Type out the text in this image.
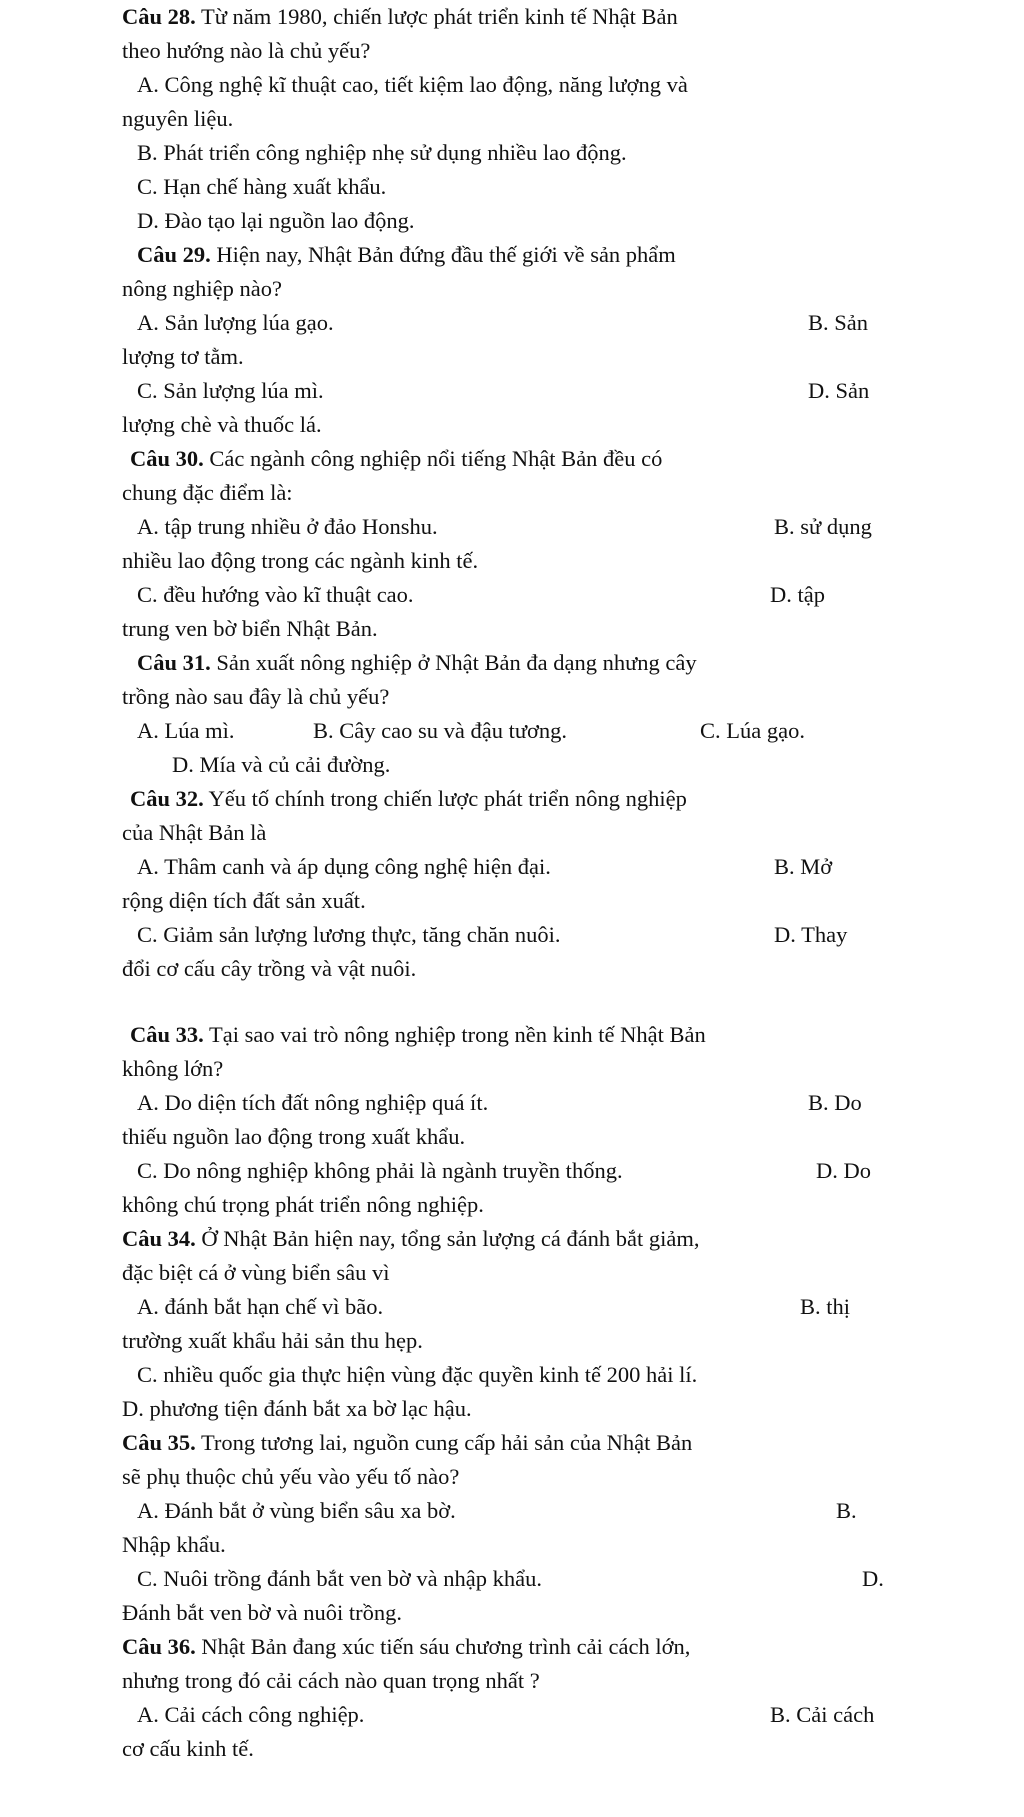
Câu 28. Từ năm 1980, chiến lược phát triển kinh tế Nhật Bản
theo hướng nào là chủ yếu?
A. Công nghệ kĩ thuật cao, tiết kiệm lao động, năng lượng và
nguyên liệu.
B. Phát triển công nghiệp nhẹ sử dụng nhiều lao động.
C. Hạn chế hàng xuất khẩu.
D. Đào tạo lại nguồn lao động.
Câu 29. Hiện nay, Nhật Bản đứng đầu thế giới về sản phẩm
nông nghiệp nào?
A. Sản lượng lúa gạo.	B. Sản
lượng tơ tằm.
C. Sản lượng lúa mì.	D. Sản
lượng chè và thuốc lá.
Câu 30. Các ngành công nghiệp nổi tiếng Nhật Bản đều có
chung đặc điểm là:
A. tập trung nhiều ở đảo Honshu.	B. sử dụng
nhiều lao động trong các ngành kinh tế.
C. đều hướng vào kĩ thuật cao.	D. tập
trung ven bờ biển Nhật Bản.
Câu 31. Sản xuất nông nghiệp ở Nhật Bản đa dạng nhưng cây
trồng nào sau đây là chủ yếu?
A. Lúa mì.	B. Cây cao su và đậu tương.	C. Lúa gạo.
D. Mía và củ cải đường.
Câu 32. Yếu tố chính trong chiến lược phát triển nông nghiệp
của Nhật Bản là
A. Thâm canh và áp dụng công nghệ hiện đại.	B. Mở
rộng diện tích đất sản xuất.
C. Giảm sản lượng lương thực, tăng chăn nuôi.	D. Thay
đổi cơ cấu cây trồng và vật nuôi.
Câu 33. Tại sao vai trò nông nghiệp trong nền kinh tế Nhật Bản
không lớn?
A. Do diện tích đất nông nghiệp quá ít.	B. Do
thiếu nguồn lao động trong xuất khẩu.
C. Do nông nghiệp không phải là ngành truyền thống.	D. Do
không chú trọng phát triển nông nghiệp.
Câu 34. Ở Nhật Bản hiện nay, tổng sản lượng cá đánh bắt giảm,
đặc biệt cá ở vùng biển sâu vì
A. đánh bắt hạn chế vì bão.	B. thị
trường xuất khẩu hải sản thu hẹp.
C. nhiều quốc gia thực hiện vùng đặc quyền kinh tế 200 hải lí.
D. phương tiện đánh bắt xa bờ lạc hậu.
Câu 35. Trong tương lai, nguồn cung cấp hải sản của Nhật Bản
sẽ phụ thuộc chủ yếu vào yếu tố nào?
A. Đánh bắt ở vùng biển sâu xa bờ.	B.
Nhập khẩu.
C. Nuôi trồng đánh bắt ven bờ và nhập khẩu.	D.
Đánh bắt ven bờ và nuôi trồng.
Câu 36. Nhật Bản đang xúc tiến sáu chương trình cải cách lớn,
nhưng trong đó cải cách nào quan trọng nhất ?
A. Cải cách công nghiệp.	B. Cải cách
cơ cấu kinh tế.
